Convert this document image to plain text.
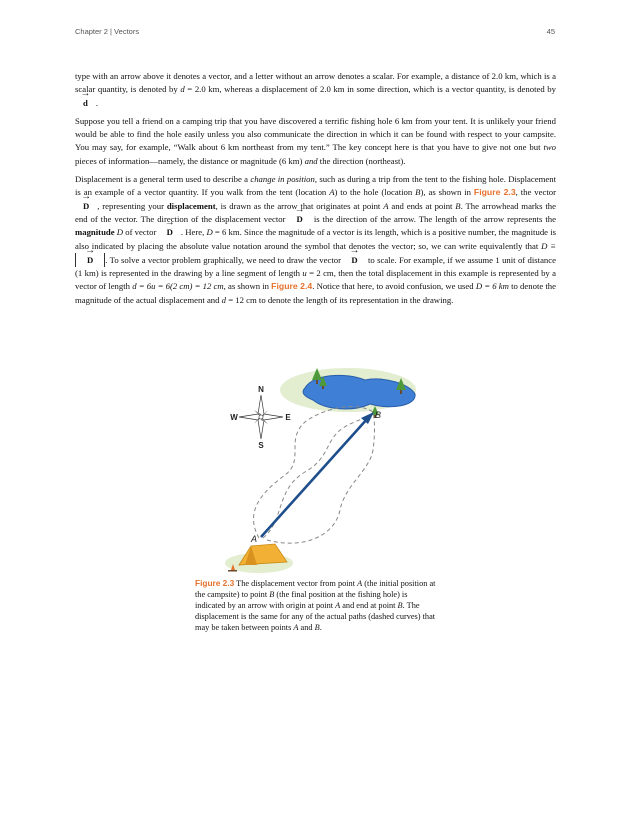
Chapter 2 | Vectors	45

type with an arrow above it denotes a vector, and a letter without an arrow denotes a scalar. For example, a distance of 2.0 km, which is a scalar quantity, is denoted by d = 2.0 km, whereas a displacement of 2.0 km in some direction, which is a vector quantity, is denoted by → d .

Suppose you tell a friend on a camping trip that you have discovered a terrific fishing hole 6 km from your tent. It is unlikely your friend would be able to find the hole easily unless you also communicate the direction in which it can be found with respect to your campsite. You may say, for example, “Walk about 6 km northeast from my tent.” The key concept here is that you have to give not one but two pieces of information—namely, the distance or magnitude (6 km) and the direction (northeast).

Displacement is a general term used to describe a change in position, such as during a trip from the tent to the fishing hole. Displacement is an example of a vector quantity. If you walk from the tent (location A) to the hole (location B), as shown in Figure 2.3, the vector → D , representing your displacement, is drawn as the arrow that originates at point A and ends at point B. The arrowhead marks the end of the vector. The direction of the displacement vector → D is the direction of the arrow. The length of the arrow represents the magnitude D of vector → D . Here, D = 6 km. Since the magnitude of a vector is its length, which is a positive number, the magnitude is also indicated by placing the absolute value notation around the symbol that denotes the vector; so, we can write equivalently that D ≡ → D . To solve a vector problem graphically, we need to draw the vector → D to scale. For example, if we assume 1 unit of distance (1 km) is represented in the drawing by a line segment of length u = 2 cm, then the total displacement in this example is represented by a vector of length d = 6u = 6(2 cm) = 12 cm, as shown in Figure 2.4. Notice that here, to avoid confusion, we used D = 6 km to denote the magnitude of the actual displacement and d = 12 cm to denote the length of its representation in the drawing.

N
S
W	E	B
A
Figure 2.3 The displacement vector from point A (the initial position at the campsite) to point B (the final position at the fishing hole) is indicated by an arrow with origin at point A and end at point B. The displacement is the same for any of the actual paths (dashed curves) that may be taken between points A and B.
